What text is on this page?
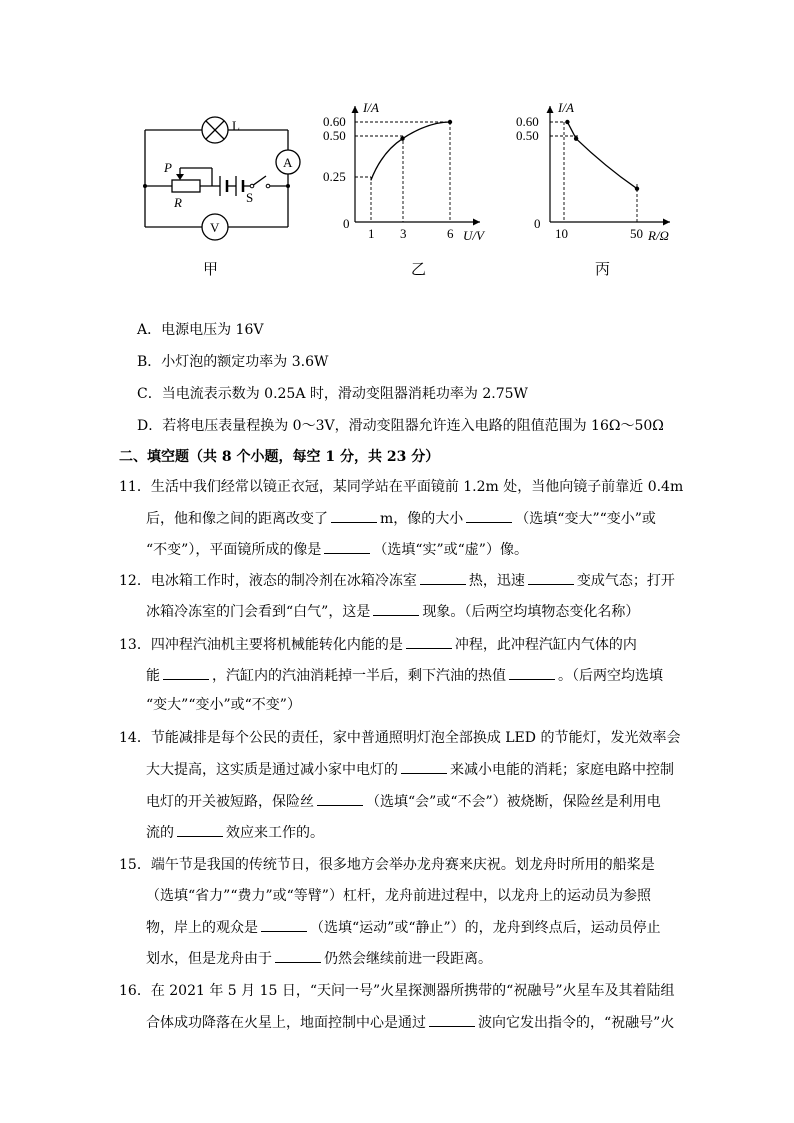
L
A
V
P
R	S
甲
I/A
0.60
0.50
0.25
0
1 3	6 U/V
乙
I/A
0.60
0.50
0
10	50 R/Ω
丙
A．电源电压为 16V
B．小灯泡的额定功率为 3.6W
C．当电流表示数为 0.25A 时，滑动变阻器消耗功率为 2.75W
D．若将电压表量程换为 0～3V，滑动变阻器允许连入电路的阻值范围为 16Ω～50Ω
二、填空题（共 8 个小题，每空 1 分，共 23 分）
11．生活中我们经常以镜正衣冠，某同学站在平面镜前 1.2m 处，当他向镜子前靠近 0.4m
后，他和像之间的距离改变了	m，像的大小	（选填“变大”“变小”或
“不变”），平面镜所成的像是	（选填“实”或“虚”）像。
12．电冰箱工作时，液态的制冷剂在冰箱冷冻室	热，迅速	变成气态；打开
冰箱冷冻室的门会看到“白气”，这是	现象。（后两空均填物态变化名称）
13．四冲程汽油机主要将机械能转化内能的是	冲程，此冲程汽缸内气体的内
能	，汽缸内的汽油消耗掉一半后，剩下汽油的热值	。（后两空均选填
“变大”“变小”或“不变”）
14．节能减排是每个公民的责任，家中普通照明灯泡全部换成 LED 的节能灯，发光效率会
大大提高，这实质是通过减小家中电灯的	来减小电能的消耗；家庭电路中控制
电灯的开关被短路，保险丝	（选填“会”或“不会”）被烧断，保险丝是利用电
流的	效应来工作的。
15．端午节是我国的传统节日，很多地方会举办龙舟赛来庆祝。划龙舟时所用的船桨是
（选填“省力”“费力”或“等臂”）杠杆，龙舟前进过程中，以龙舟上的运动员为参照
物，岸上的观众是	（选填“运动”或“静止”）的，龙舟到终点后，运动员停止
划水，但是龙舟由于	仍然会继续前进一段距离。
16．在 2021 年 5 月 15 日，“天问一号”火星探测器所携带的“祝融号”火星车及其着陆组
合体成功降落在火星上，地面控制中心是通过	波向它发出指令的，“祝融号”火
